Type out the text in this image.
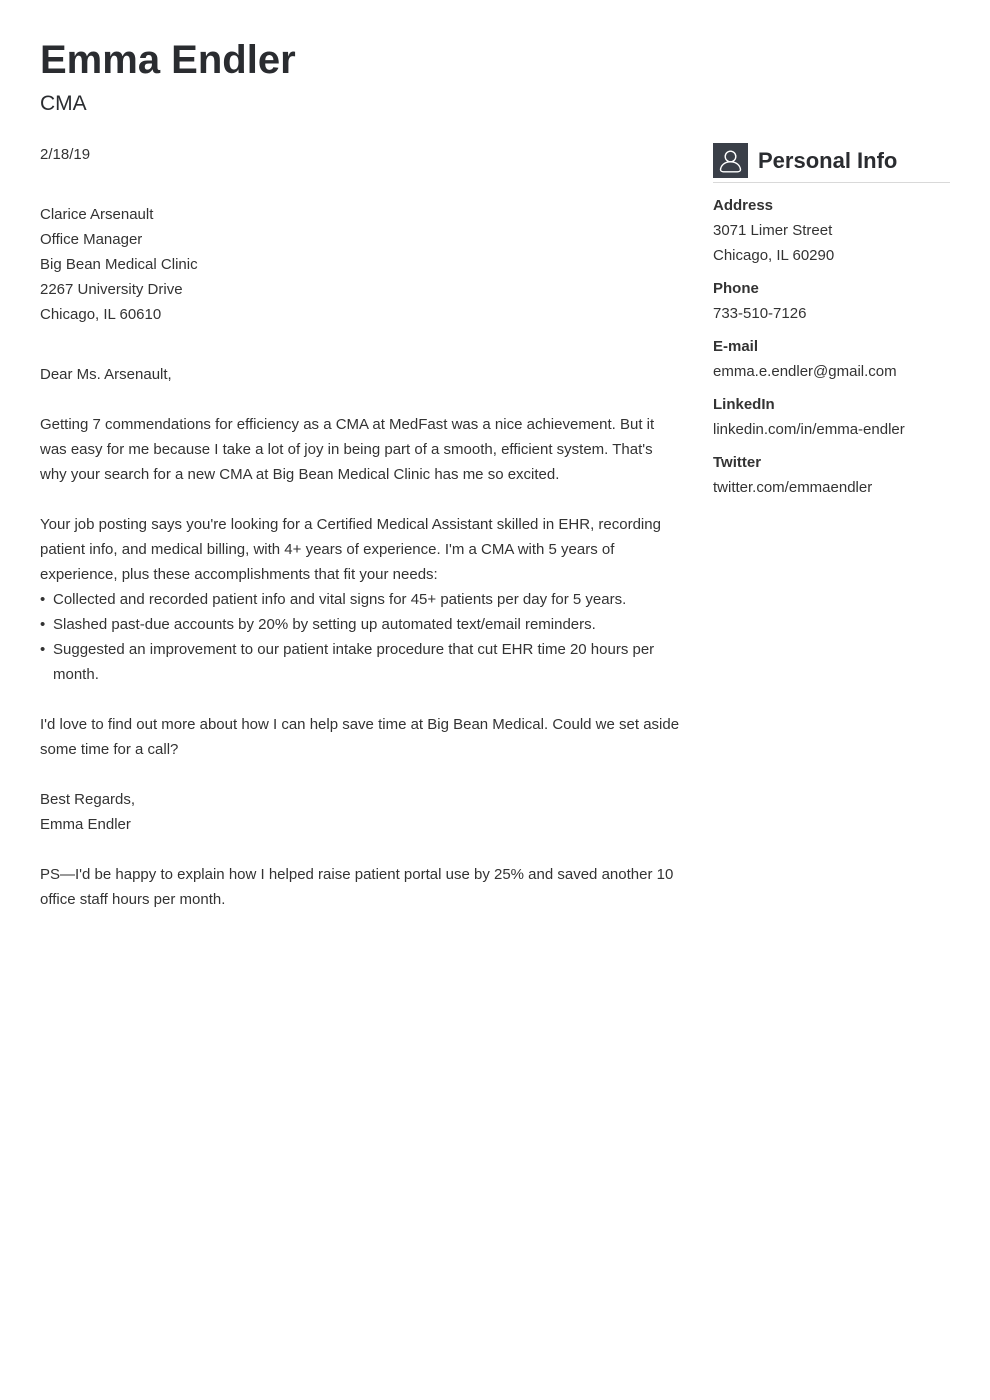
Emma Endler
CMA

2/18/19

Clarice Arsenault

Office Manager

Big Bean Medical Clinic

2267 University Drive

Chicago, IL 60610

Dear Ms. Arsenault,

Getting 7 commendations for efficiency as a CMA at MedFast was a nice achievement. But it was easy for me because I take a lot of joy in being part of a smooth, efficient system. That's why your search for a new CMA at Big Bean Medical Clinic has me so excited.

Your job posting says you're looking for a Certified Medical Assistant skilled in EHR, recording patient info, and medical billing, with 4+ years of experience. I'm a CMA with 5 years of experience, plus these accomplishments that fit your needs:

• Collected and recorded patient info and vital signs for 45+ patients per day for 5 years.
• Slashed past-due accounts by 20% by setting up automated text/email reminders.
• Suggested an improvement to our patient intake procedure that cut EHR time 20 hours per month.

I'd love to find out more about how I can help save time at Big Bean Medical. Could we set aside some time for a call?

Best Regards,

Emma Endler

PS—I'd be happy to explain how I helped raise patient portal use by 25% and saved another 10 office staff hours per month.

Personal Info
Address
3071 Limer Street
Chicago, IL 60290
Phone
733-510-7126
E-mail
emma.e.endler@gmail.com
LinkedIn
linkedin.com/in/emma-endler
Twitter
twitter.com/emmaendler
